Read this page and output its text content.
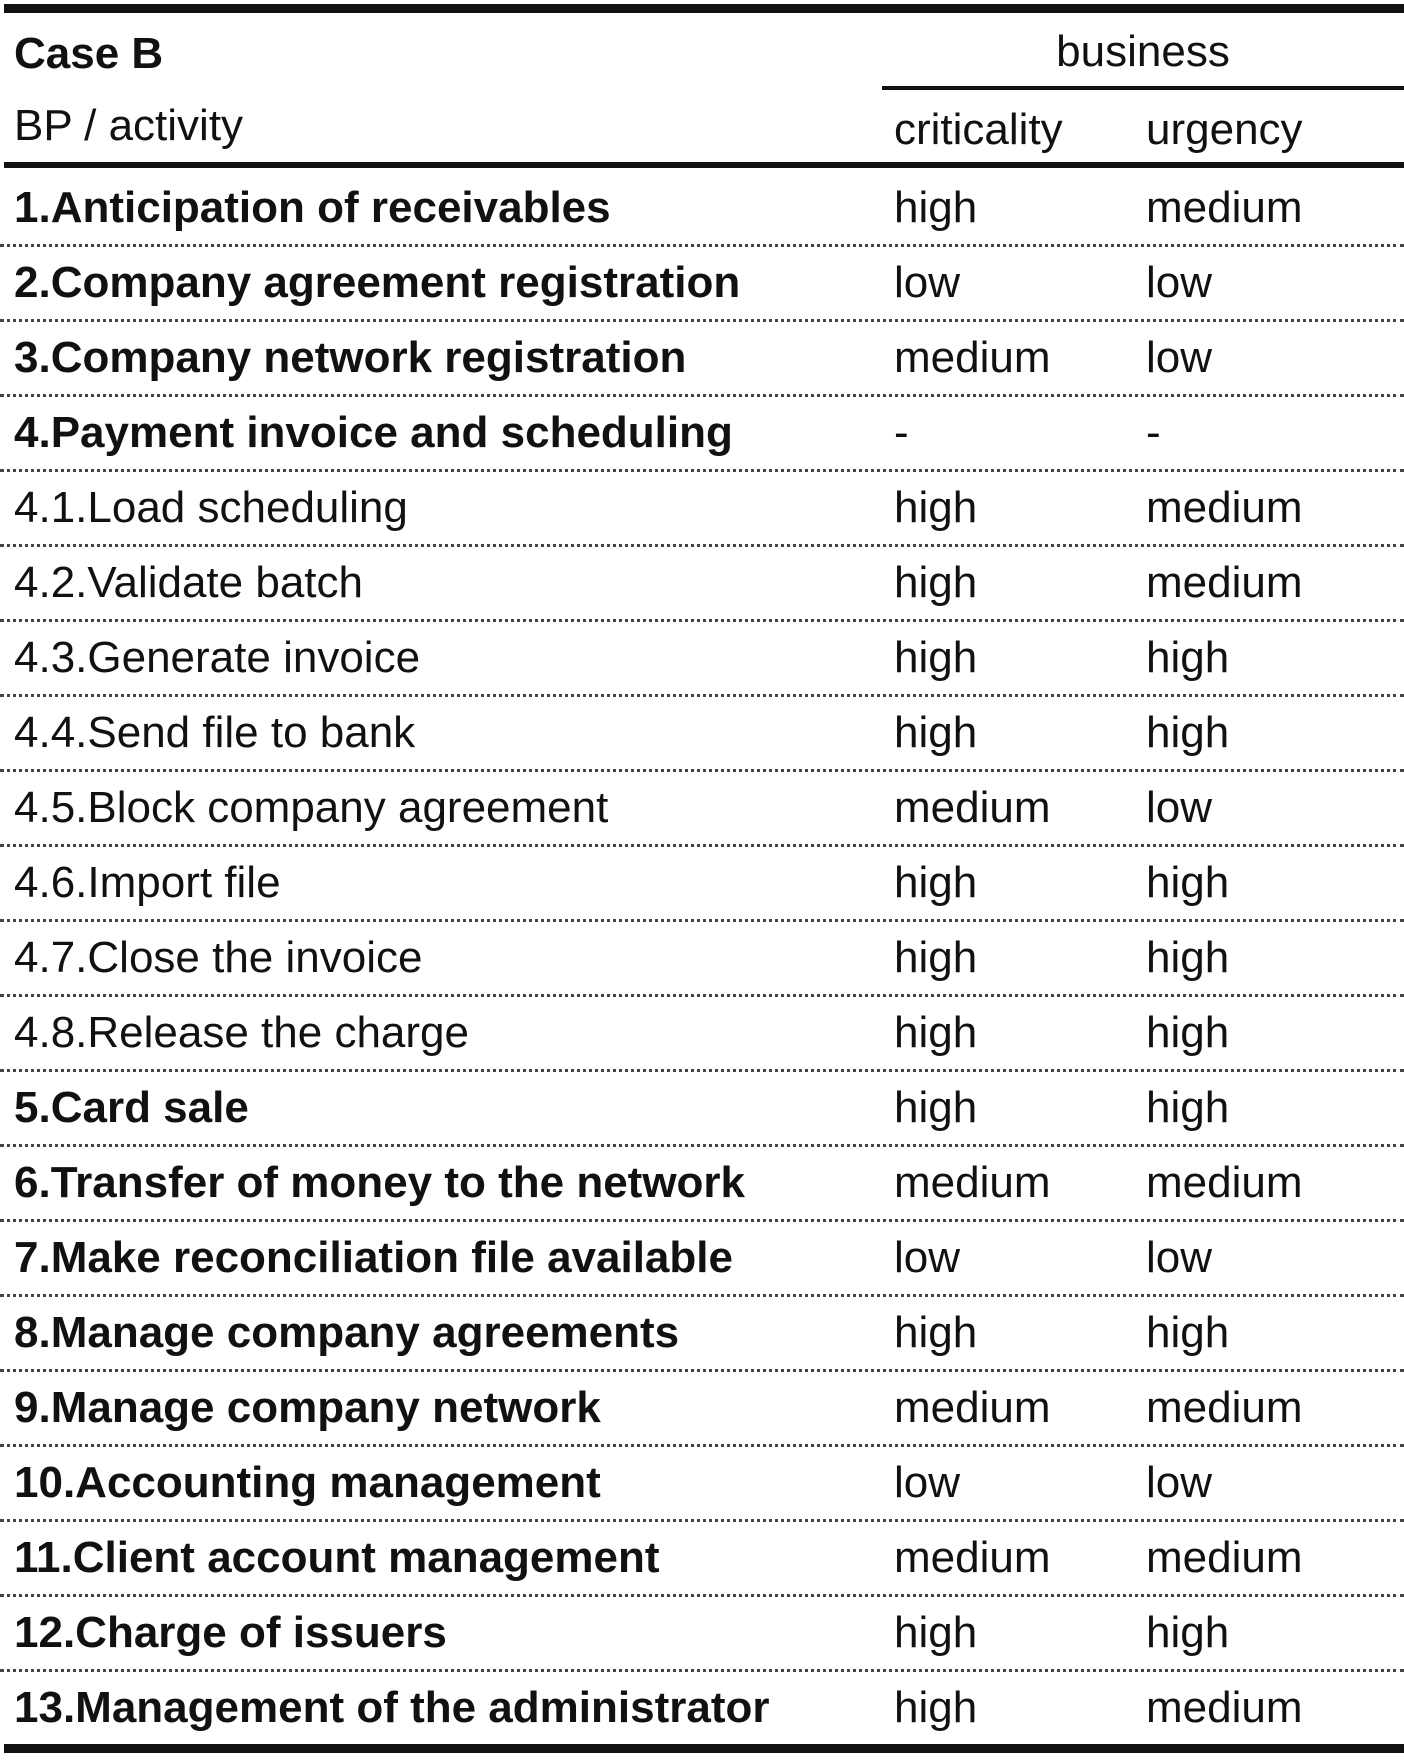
Case B
BP / activity
business
criticality urgency
1.Anticipation of receivables	high	medium
2.Company agreement registration	low	low
3.Company network registration	medium low
4.Payment invoice and scheduling	-	-
4.1.Load scheduling	high	medium
4.2.Validate batch	high	medium
4.3.Generate invoice	high	high
4.4.Send file to bank	high	high
4.5.Block company agreement	medium low
4.6.Import file	high	high
4.7.Close the invoice	high	high
4.8.Release the charge	high	high
5.Card sale	high	high
6.Transfer of money to the network	medium medium
7.Make reconciliation file available	low	low
8.Manage company agreements	high	high
9.Manage company network	medium medium
10.Accounting management	low	low
11.Client account management	medium medium
12.Charge of issuers	high	high
13.Management of the administrator	high	medium
